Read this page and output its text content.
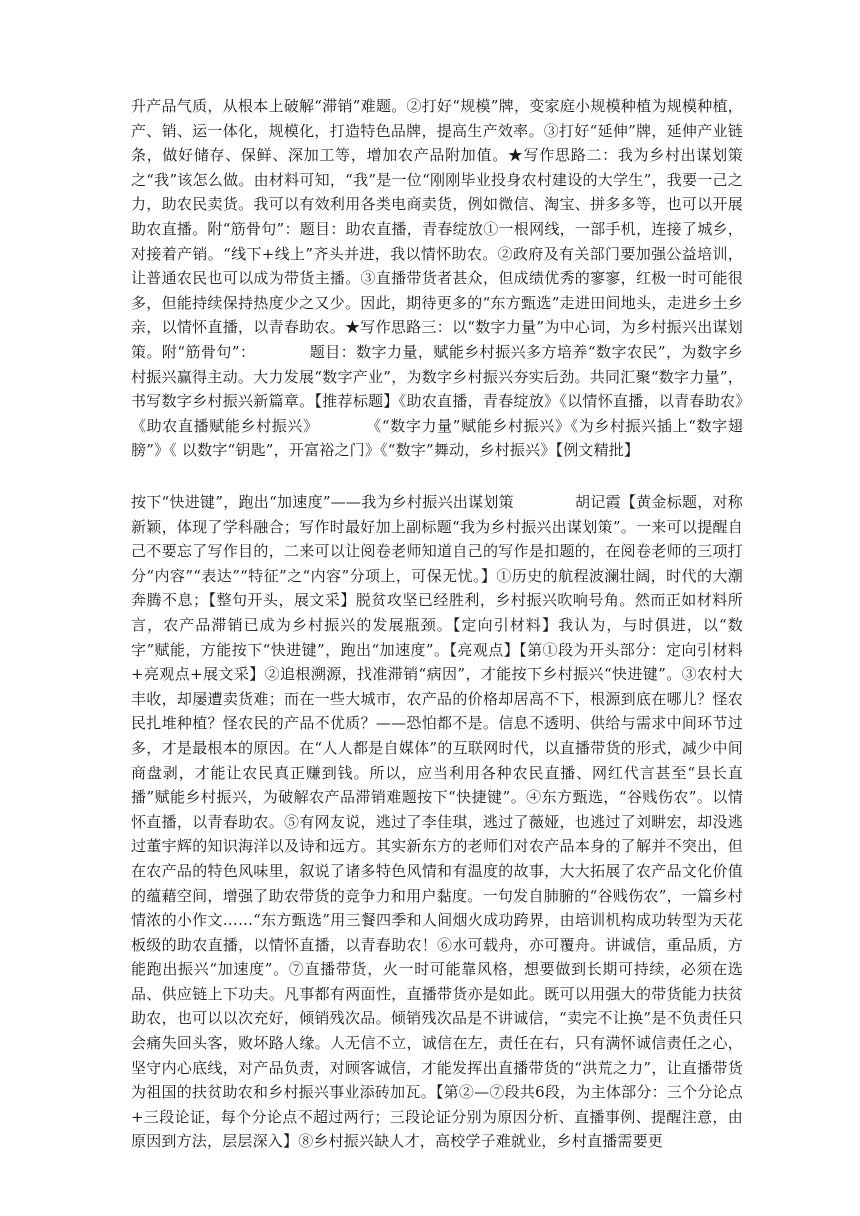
升产品气质，从根本上破解“滞销”难题。②打好“规模”牌，变家庭小规模种植为规模种植，产、销、运一体化，规模化，打造特色品牌，提高生产效率。③打好“延伸”牌，延伸产业链条，做好储存、保鲜、深加工等，增加农产品附加值。★写作思路二：我为乡村出谋划策之“我”该怎么做。由材料可知，“我”是一位“刚刚毕业投身农村建设的大学生”，我要一己之力，助农民卖货。我可以有效利用各类电商卖货，例如微信、淘宝、拼多多等，也可以开展助农直播。附“筋骨句”：题目：助农直播，青春绽放①一根网线，一部手机，连接了城乡，对接着产销。“线下+线上”齐头并进，我以情怀助农。②政府及有关部门要加强公益培训，让普通农民也可以成为带货主播。③直播带货者甚众，但成绩优秀的寥寥，红极一时可能很多，但能持续保持热度少之又少。因此，期待更多的“东方甄选”走进田间地头，走进乡土乡亲，以情怀直播，以青春助农。★写作思路三：以“数字力量”为中心词，为乡村振兴出谋划策。附“筋骨句”：　　　　题目：数字力量，赋能乡村振兴多方培养“数字农民”，为数字乡村振兴赢得主动。大力发展“数字产业”，为数字乡村振兴夯实后劲。共同汇聚“数字力量”，书写数字乡村振兴新篇章。【推荐标题】《助农直播，青春绽放》《以情怀直播，以青春助农》《助农直播赋能乡村振兴》　　　　《“数字力量”赋能乡村振兴》《为乡村振兴插上“数字翅膀”》《 以数字“钥匙”，开富裕之门》《“数字”舞动，乡村振兴》【例文精批】

按下“快进键”，跑出“加速度”——我为乡村振兴出谋划策　　　　胡记霞【黄金标题，对称新颖，体现了学科融合；写作时最好加上副标题“我为乡村振兴出谋划策”。一来可以提醒自己不要忘了写作目的，二来可以让阅卷老师知道自己的写作是扣题的，在阅卷老师的三项打分“内容”“表达”“特征”之“内容”分项上，可保无忧。】①历史的航程波澜壮阔，时代的大潮奔腾不息；【整句开头，展文采】脱贫攻坚已经胜利，乡村振兴吹响号角。然而正如材料所言，农产品滞销已成为乡村振兴的发展瓶颈。【定向引材料】我认为，与时俱进，以“数字”赋能，方能按下“快进键”，跑出“加速度”。【亮观点】【第①段为开头部分：定向引材料+亮观点+展文采】②追根溯源，找准滞销“病因”，才能按下乡村振兴“快进键”。③农村大丰收，却屡遭卖货难；而在一些大城市，农产品的价格却居高不下，根源到底在哪儿？怪农民扎堆种植？怪农民的产品不优质？——恐怕都不是。信息不透明、供给与需求中间环节过多，才是最根本的原因。在“人人都是自媒体”的互联网时代，以直播带货的形式，减少中间商盘剥，才能让农民真正赚到钱。所以，应当利用各种农民直播、网红代言甚至“县长直播”赋能乡村振兴，为破解农产品滞销难题按下“快捷键”。④东方甄选，“谷贱伤农”。以情怀直播，以青春助农。⑤有网友说，逃过了李佳琪，逃过了薇娅，也逃过了刘畊宏，却没逃过董宇辉的知识海洋以及诗和远方。其实新东方的老师们对农产品本身的了解并不突出，但在农产品的特色风味里，叙说了诸多特色风情和有温度的故事，大大拓展了农产品文化价值的蕴藉空间，增强了助农带货的竞争力和用户黏度。一句发自肺腑的“谷贱伤农”，一篇乡村情浓的小作文……“东方甄选”用三餐四季和人间烟火成功跨界，由培训机构成功转型为天花板级的助农直播，以情怀直播，以青春助农！⑥水可载舟，亦可覆舟。讲诚信，重品质，方能跑出振兴“加速度”。⑦直播带货，火一时可能靠风格，想要做到长期可持续，必须在选品、供应链上下功夫。凡事都有两面性，直播带货亦是如此。既可以用强大的带货能力扶贫助农，也可以以次充好，倾销残次品。倾销残次品是不讲诚信，“卖完不让换”是不负责任只会痛失回头客，败坏路人缘。人无信不立，诚信在左，责任在右，只有满怀诚信责任之心，坚守内心底线，对产品负责，对顾客诚信，才能发挥出直播带货的“洪荒之力”，让直播带货为祖国的扶贫助农和乡村振兴事业添砖加瓦。【第②—⑦段共6段，为主体部分：三个分论点+三段论证，每个分论点不超过两行；三段论证分别为原因分析、直播事例、提醒注意，由原因到方法，层层深入】⑧乡村振兴缺人才，高校学子难就业，乡村直播需要更
